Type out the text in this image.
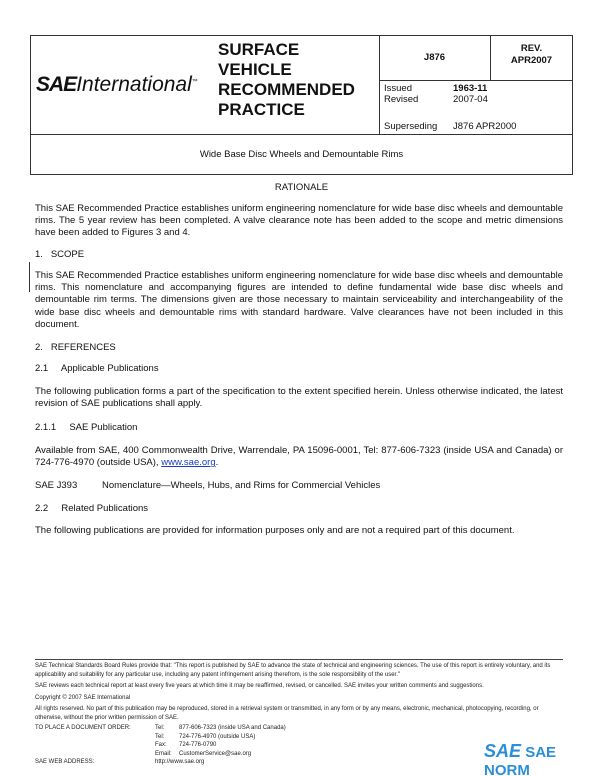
SAEInternational™
SURFACE
VEHICLE
RECOMMENDED
PRACTICE
J876
REV.
APR2007
Issued	1963-11
Revised	2007-04
Superseding J876 APR2000
Wide Base Disc Wheels and Demountable Rims
RATIONALE
This SAE Recommended Practice establishes uniform engineering nomenclature for wide base disc wheels and demountable rims. The 5 year review has been completed. A valve clearance note has been added to the scope and metric dimensions have been added to Figures 3 and 4.
1.   SCOPE
This SAE Recommended Practice establishes uniform engineering nomenclature for wide base disc wheels and demountable rims. This nomenclature and accompanying figures are intended to define fundamental wide base disc wheels and demountable rim terms. The dimensions given are those necessary to maintain serviceability and interchangeability of the wide base disc wheels and demountable rims with standard hardware. Valve clearances have not been included in this document.
2.   REFERENCES
2.1     Applicable Publications
The following publication forms a part of the specification to the extent specified herein. Unless otherwise indicated, the latest revision of SAE publications shall apply.
2.1.1     SAE Publication
Available from SAE, 400 Commonwealth Drive, Warrendale, PA 15096-0001, Tel: 877-606-7323 (inside USA and Canada) or 724-776-4970 (outside USA), www.sae.org.
SAE J393	Nomenclature—Wheels, Hubs, and Rims for Commercial Vehicles
2.2     Related Publications
The following publications are provided for information purposes only and are not a required part of this document.
SAE Technical Standards Board Rules provide that: "This report is published by SAE to advance the state of technical and engineering sciences. The use of this report is entirely voluntary, and its applicability and suitability for any particular use, including any patent infringement arising therefrom, is the sole responsibility of the user."
SAE reviews each technical report at least every five years at which time it may be reaffirmed, revised, or cancelled. SAE invites your written comments and suggestions.
Copyright © 2007 SAE International
All rights reserved. No part of this publication may be reproduced, stored in a retrieval system or transmitted, in any form or by any means, electronic, mechanical, photocopying, recording, or otherwise, without the prior written permission of SAE.
TO PLACE A DOCUMENT ORDER:	Tel: 877-606-7323 (inside USA and Canada)
Tel: 724-776-4970 (outside USA)
Fax: 724-776-0790
Email: CustomerService@sae.org
SAE WEB ADDRESS:	http://www.sae.org
SAE SAE NORM
